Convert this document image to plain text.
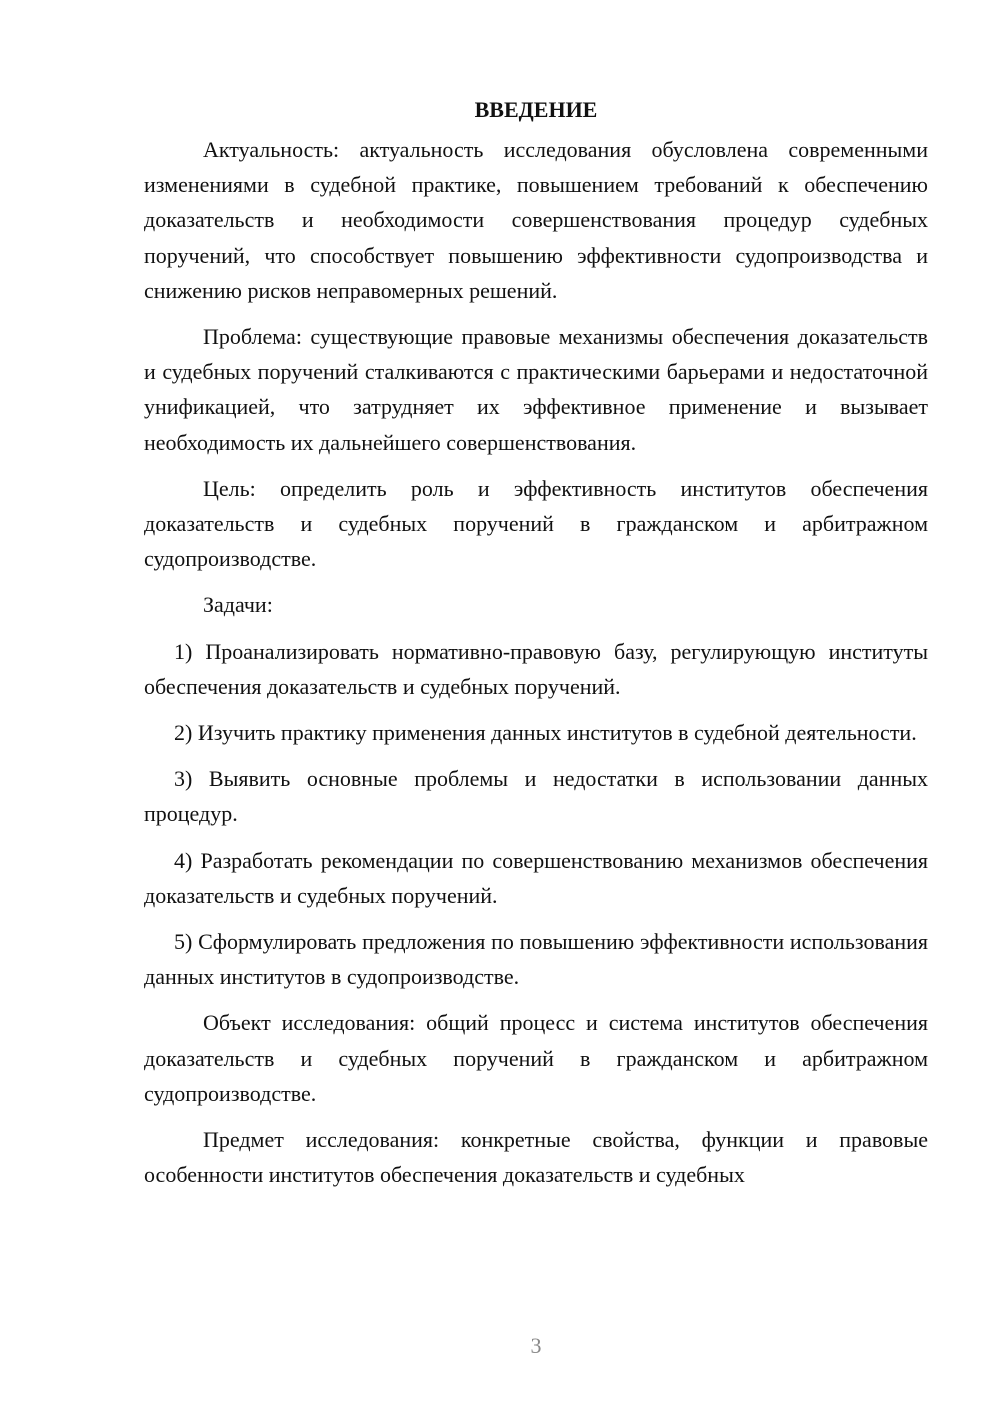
ВВЕДЕНИЕ

Актуальность: актуальность исследования обусловлена современными изменениями в судебной практике, повышением требований к обеспечению доказательств и необходимости совершенствования процедур судебных поручений, что способствует повышению эффективности судопроизводства и снижению рисков неправомерных решений.

Проблема: существующие правовые механизмы обеспечения доказательств и судебных поручений сталкиваются с практическими барьерами и недостаточной унификацией, что затрудняет их эффективное применение и вызывает необходимость их дальнейшего совершенствования.

Цель: определить роль и эффективность институтов обеспечения доказательств и судебных поручений в гражданском и арбитражном судопроизводстве.

Задачи:

1) Проанализировать нормативно-правовую базу, регулирующую институты обеспечения доказательств и судебных поручений.

2) Изучить практику применения данных институтов в судебной деятельности.

3) Выявить основные проблемы и недостатки в использовании данных процедур.

4) Разработать рекомендации по совершенствованию механизмов обеспечения доказательств и судебных поручений.

5) Сформулировать предложения по повышению эффективности использования данных институтов в судопроизводстве.

Объект исследования: общий процесс и система институтов обеспечения доказательств и судебных поручений в гражданском и арбитражном судопроизводстве.

Предмет исследования: конкретные свойства, функции и правовые особенности институтов обеспечения доказательств и судебных

3
